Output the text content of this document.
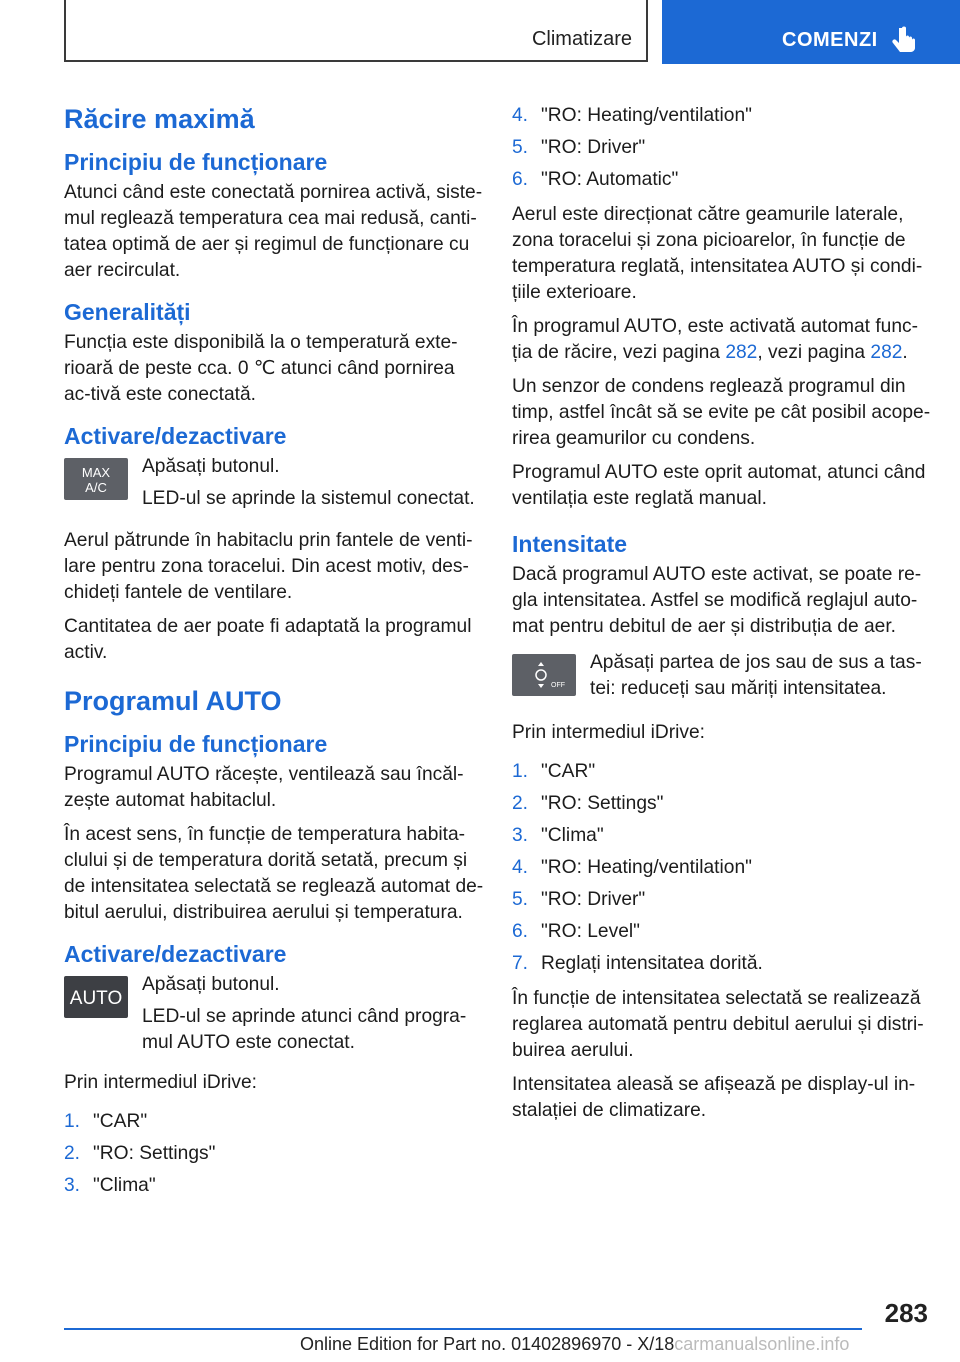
Climatizare	COMENZI
Răcire maximă
Principiu de funcționare

Atunci când este conectată pornirea activă, siste-mul reglează temperatura cea mai redusă, canti-tatea optimă de aer și regimul de funcționare cu aer recirculat.

Generalități

Funcția este disponibilă la o temperatură exte-rioară de peste cca. 0 ℃ atunci când pornirea ac-tivă este conectată.

Activare/dezactivare
MAX
A/C

Apăsați butonul.

LED-ul se aprinde la sistemul conectat.

Aerul pătrunde în habitaclu prin fantele de venti-lare pentru zona toracelui. Din acest motiv, des-chideți fantele de ventilare.

Cantitatea de aer poate fi adaptată la programul activ.

Programul AUTO
Principiu de funcționare

Programul AUTO răcește, ventilează sau încăl-zește automat habitaclul.

În acest sens, în funcție de temperatura habita-clului și de temperatura dorită setată, precum și de intensitatea selectată se reglează automat de-bitul aerului, distribuirea aerului și temperatura.

Activare/dezactivare
AUTO

Apăsați butonul.

LED-ul se aprinde atunci când progra-mul AUTO este conectat.

Prin intermediul iDrive:

1. "CAR"
2. "RO: Settings"
3. "Clima"
4. "RO: Heating/ventilation"
5. "RO: Driver"
6. "RO: Automatic"

Aerul este direcționat către geamurile laterale, zona toracelui și zona picioarelor, în funcție de temperatura reglată, intensitatea AUTO și condi-țiile exterioare.

În programul AUTO, este activată automat func-ția de răcire, vezi pagina 282, vezi pagina 282.

Un senzor de condens reglează programul din timp, astfel încât să se evite pe cât posibil acope-rirea geamurilor cu condens.

Programul AUTO este oprit automat, atunci când ventilația este reglată manual.

Intensitate

Dacă programul AUTO este activat, se poate re-gla intensitatea. Astfel se modifică reglajul auto-mat pentru debitul de aer și distribuția de aer.

OFF

Apăsați partea de jos sau de sus a tas-tei: reduceți sau măriți intensitatea.

Prin intermediul iDrive:

1. "CAR"
2. "RO: Settings"
3. "Clima"
4. "RO: Heating/ventilation"
5. "RO: Driver"
6. "RO: Level"
7. Reglați intensitatea dorită.

În funcție de intensitatea selectată se realizează reglarea automată pentru debitul aerului și distri-buirea aerului.

Intensitatea aleasă se afișează pe display-ul in-stalației de climatizare.

283
Online Edition for Part no. 01402896970 - X/18carmanualsonline.info
